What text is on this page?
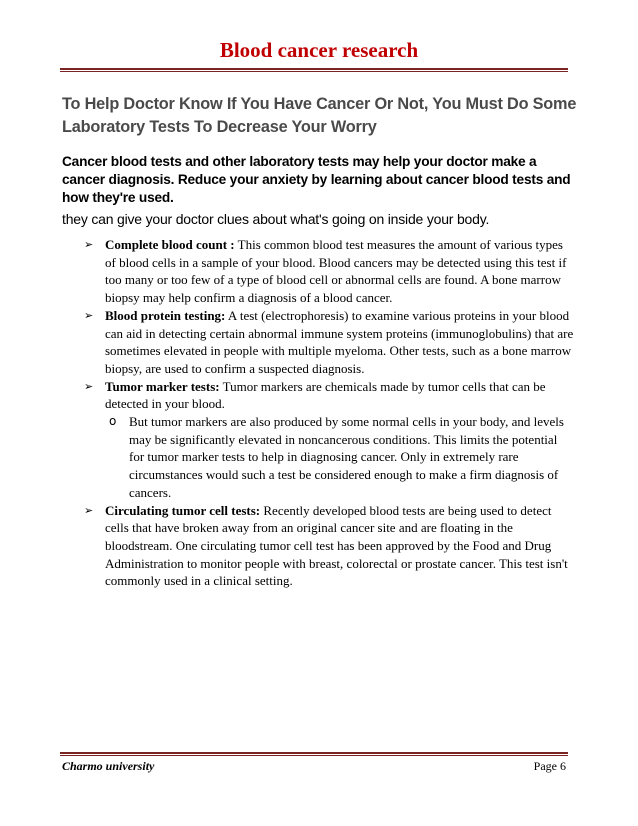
Blood cancer research
To Help Doctor Know If You Have Cancer Or Not, You Must Do Some Laboratory Tests To Decrease Your Worry
Cancer blood tests and other laboratory tests may help your doctor make a cancer diagnosis. Reduce your anxiety by learning about cancer blood tests and how they're used.
they can give your doctor clues about what's going on inside your body.
➢ Complete blood count : This common blood test measures the amount of various types of blood cells in a sample of your blood. Blood cancers may be detected using this test if too many or too few of a type of blood cell or abnormal cells are found. A bone marrow biopsy may help confirm a diagnosis of a blood cancer.
➢ Blood protein testing: A test (electrophoresis) to examine various proteins in your blood can aid in detecting certain abnormal immune system proteins (immunoglobulins) that are sometimes elevated in people with multiple myeloma. Other tests, such as a bone marrow biopsy, are used to confirm a suspected diagnosis.
➢ Tumor marker tests: Tumor markers are chemicals made by tumor cells that can be detected in your blood.
o But tumor markers are also produced by some normal cells in your body, and levels may be significantly elevated in noncancerous conditions. This limits the potential for tumor marker tests to help in diagnosing cancer. Only in extremely rare circumstances would such a test be considered enough to make a firm diagnosis of cancers.
➢ Circulating tumor cell tests: Recently developed blood tests are being used to detect cells that have broken away from an original cancer site and are floating in the bloodstream. One circulating tumor cell test has been approved by the Food and Drug Administration to monitor people with breast, colorectal or prostate cancer. This test isn't commonly used in a clinical setting.
Charmo university	Page 6
